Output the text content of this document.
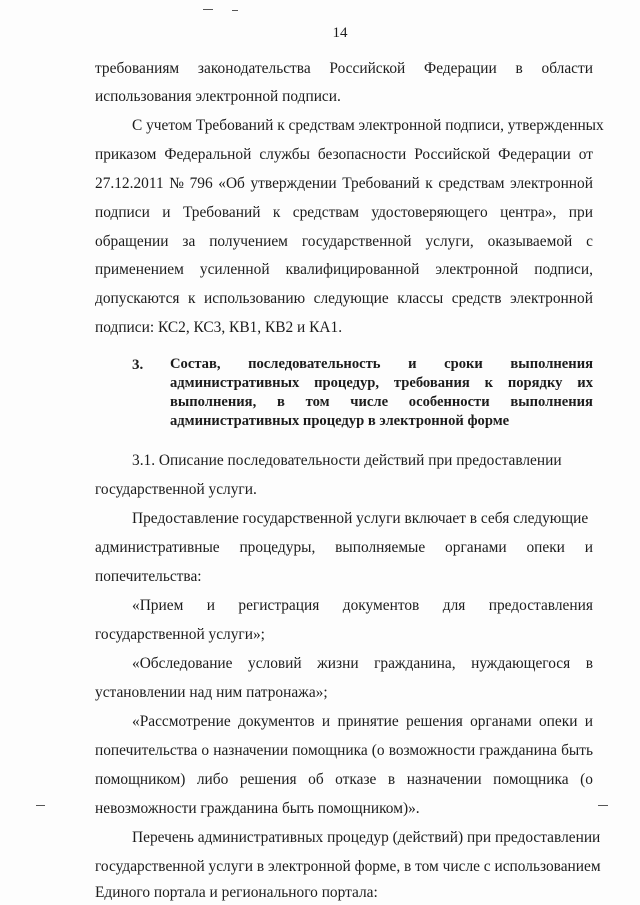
14
требованиям законодательства Российской Федерации в области
использования электронной подписи.
С учетом Требований к средствам электронной подписи, утвержденных
приказом Федеральной службы безопасности Российской Федерации от
27.12.2011 № 796 «Об утверждении Требований к средствам электронной
подписи и Требований к средствам удостоверяющего центра», при
обращении за получением государственной услуги, оказываемой с
применением усиленной квалифицированной электронной подписи,
допускаются к использованию следующие классы средств электронной
подписи: КС2, КС3, КВ1, КВ2 и КА1.
3. Состав, последовательность и сроки выполнения
административных процедур, требования к порядку их
выполнения, в том числе особенности выполнения
административных процедур в электронной форме
3.1. Описание последовательности действий при предоставлении
государственной услуги.
Предоставление государственной услуги включает в себя следующие
административные процедуры, выполняемые органами опеки и
попечительства:
«Прием и регистрация документов для предоставления
государственной услуги»;
«Обследование условий жизни гражданина, нуждающегося в
установлении над ним патронажа»;
«Рассмотрение документов и принятие решения органами опеки и
попечительства о назначении помощника (о возможности гражданина быть
помощником) либо решения об отказе в назначении помощника (о
невозможности гражданина быть помощником)».
Перечень административных процедур (действий) при предоставлении
государственной услуги в электронной форме, в том числе с использованием
Единого портала и регионального портала:
